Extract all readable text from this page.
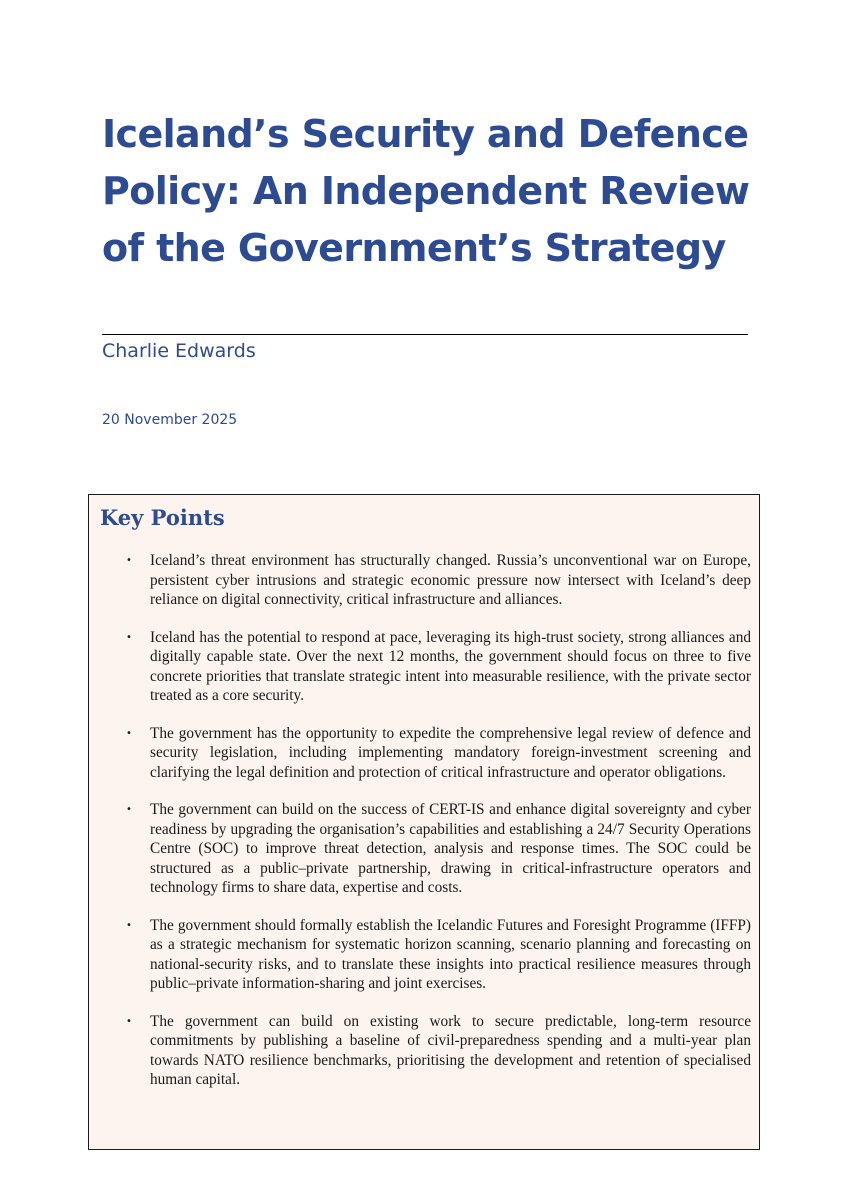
Iceland’s Security and Defence
Policy: An Independent Review
of the Government’s Strategy
Charlie Edwards
20 November 2025
Key Points
• Iceland’s threat environment has structurally changed. Russia’s unconventional war on Europe, persistent cyber intrusions and strategic economic pressure now intersect with Iceland’s deep reliance on digital connectivity, critical infrastructure and alliances.
• Iceland has the potential to respond at pace, leveraging its high-trust society, strong alliances and digitally capable state. Over the next 12 months, the government should focus on three to five concrete priorities that translate strategic intent into measurable resilience, with the private sector treated as a core security.
• The government has the opportunity to expedite the comprehensive legal review of defence and security legislation, including implementing mandatory foreign-investment screening and clarifying the legal definition and protection of critical infrastructure and operator obligations.
• The government can build on the success of CERT-IS and enhance digital sovereignty and cyber readiness by upgrading the organisation’s capabilities and establishing a 24/7 Security Operations Centre (SOC) to improve threat detection, analysis and response times. The SOC could be structured as a public–private partnership, drawing in critical-infrastructure operators and technology firms to share data, expertise and costs.
• The government should formally establish the Icelandic Futures and Foresight Programme (IFFP) as a strategic mechanism for systematic horizon scanning, scenario planning and forecasting on national-security risks, and to translate these insights into practical resilience measures through public–private information-sharing and joint exercises.
• The government can build on existing work to secure predictable, long-term resource commitments by publishing a baseline of civil-preparedness spending and a multi-year plan towards NATO resilience benchmarks, prioritising the development and retention of specialised human capital.
